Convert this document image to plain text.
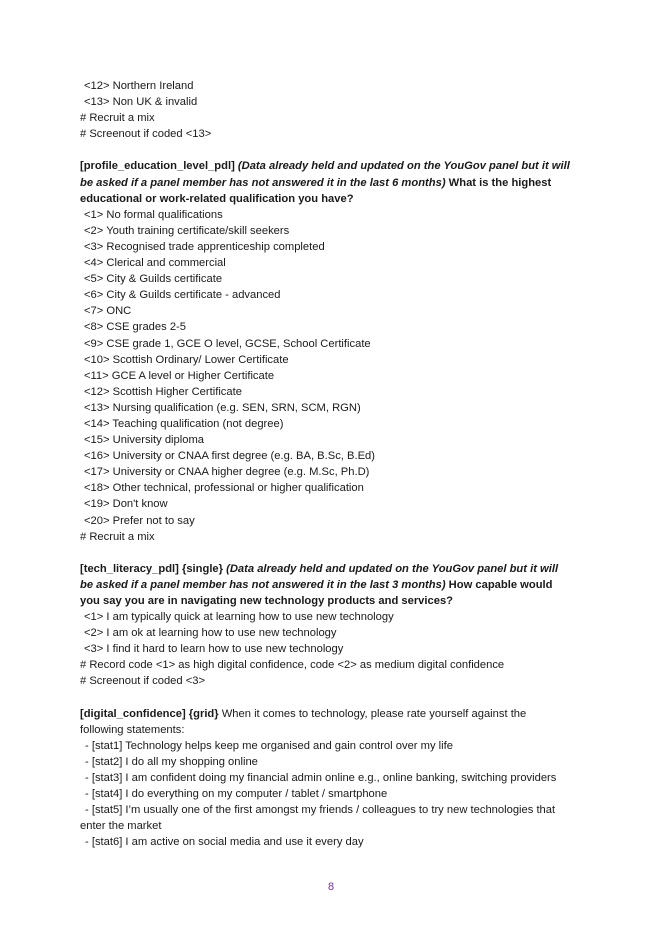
<12> Northern Ireland
<13> Non UK & invalid
# Recruit a mix
# Screenout if coded <13>

[profile_education_level_pdl] (Data already held and updated on the YouGov panel but it will be asked if a panel member has not answered it in the last 6 months) What is the highest educational or work-related qualification you have?

<1> No formal qualifications
<2> Youth training certificate/skill seekers
<3> Recognised trade apprenticeship completed
<4> Clerical and commercial
<5> City & Guilds certificate
<6> City & Guilds certificate - advanced
<7> ONC
<8> CSE grades 2-5
<9> CSE grade 1, GCE O level, GCSE, School Certificate
<10> Scottish Ordinary/ Lower Certificate
<11> GCE A level or Higher Certificate
<12> Scottish Higher Certificate
<13> Nursing qualification (e.g. SEN, SRN, SCM, RGN)
<14> Teaching qualification (not degree)
<15> University diploma
<16> University or CNAA first degree (e.g. BA, B.Sc, B.Ed)
<17> University or CNAA higher degree (e.g. M.Sc, Ph.D)
<18> Other technical, professional or higher qualification
<19> Don't know
<20> Prefer not to say
# Recruit a mix

[tech_literacy_pdl] {single} (Data already held and updated on the YouGov panel but it will be asked if a panel member has not answered it in the last 3 months) How capable would you say you are in navigating new technology products and services?

<1> I am typically quick at learning how to use new technology
<2> I am ok at learning how to use new technology
<3> I find it hard to learn how to use new technology
# Record code <1> as high digital confidence, code <2> as medium digital confidence
# Screenout if coded <3>

[digital_confidence] {grid} When it comes to technology, please rate yourself against the following statements:

- [stat1] Technology helps keep me organised and gain control over my life
- [stat2] I do all my shopping online
- [stat3] I am confident doing my financial admin online e.g., online banking, switching providers
- [stat4] I do everything on my computer / tablet / smartphone
- [stat5] I’m usually one of the first amongst my friends / colleagues to try new technologies that enter the market
- [stat6] I am active on social media and use it every day
8
